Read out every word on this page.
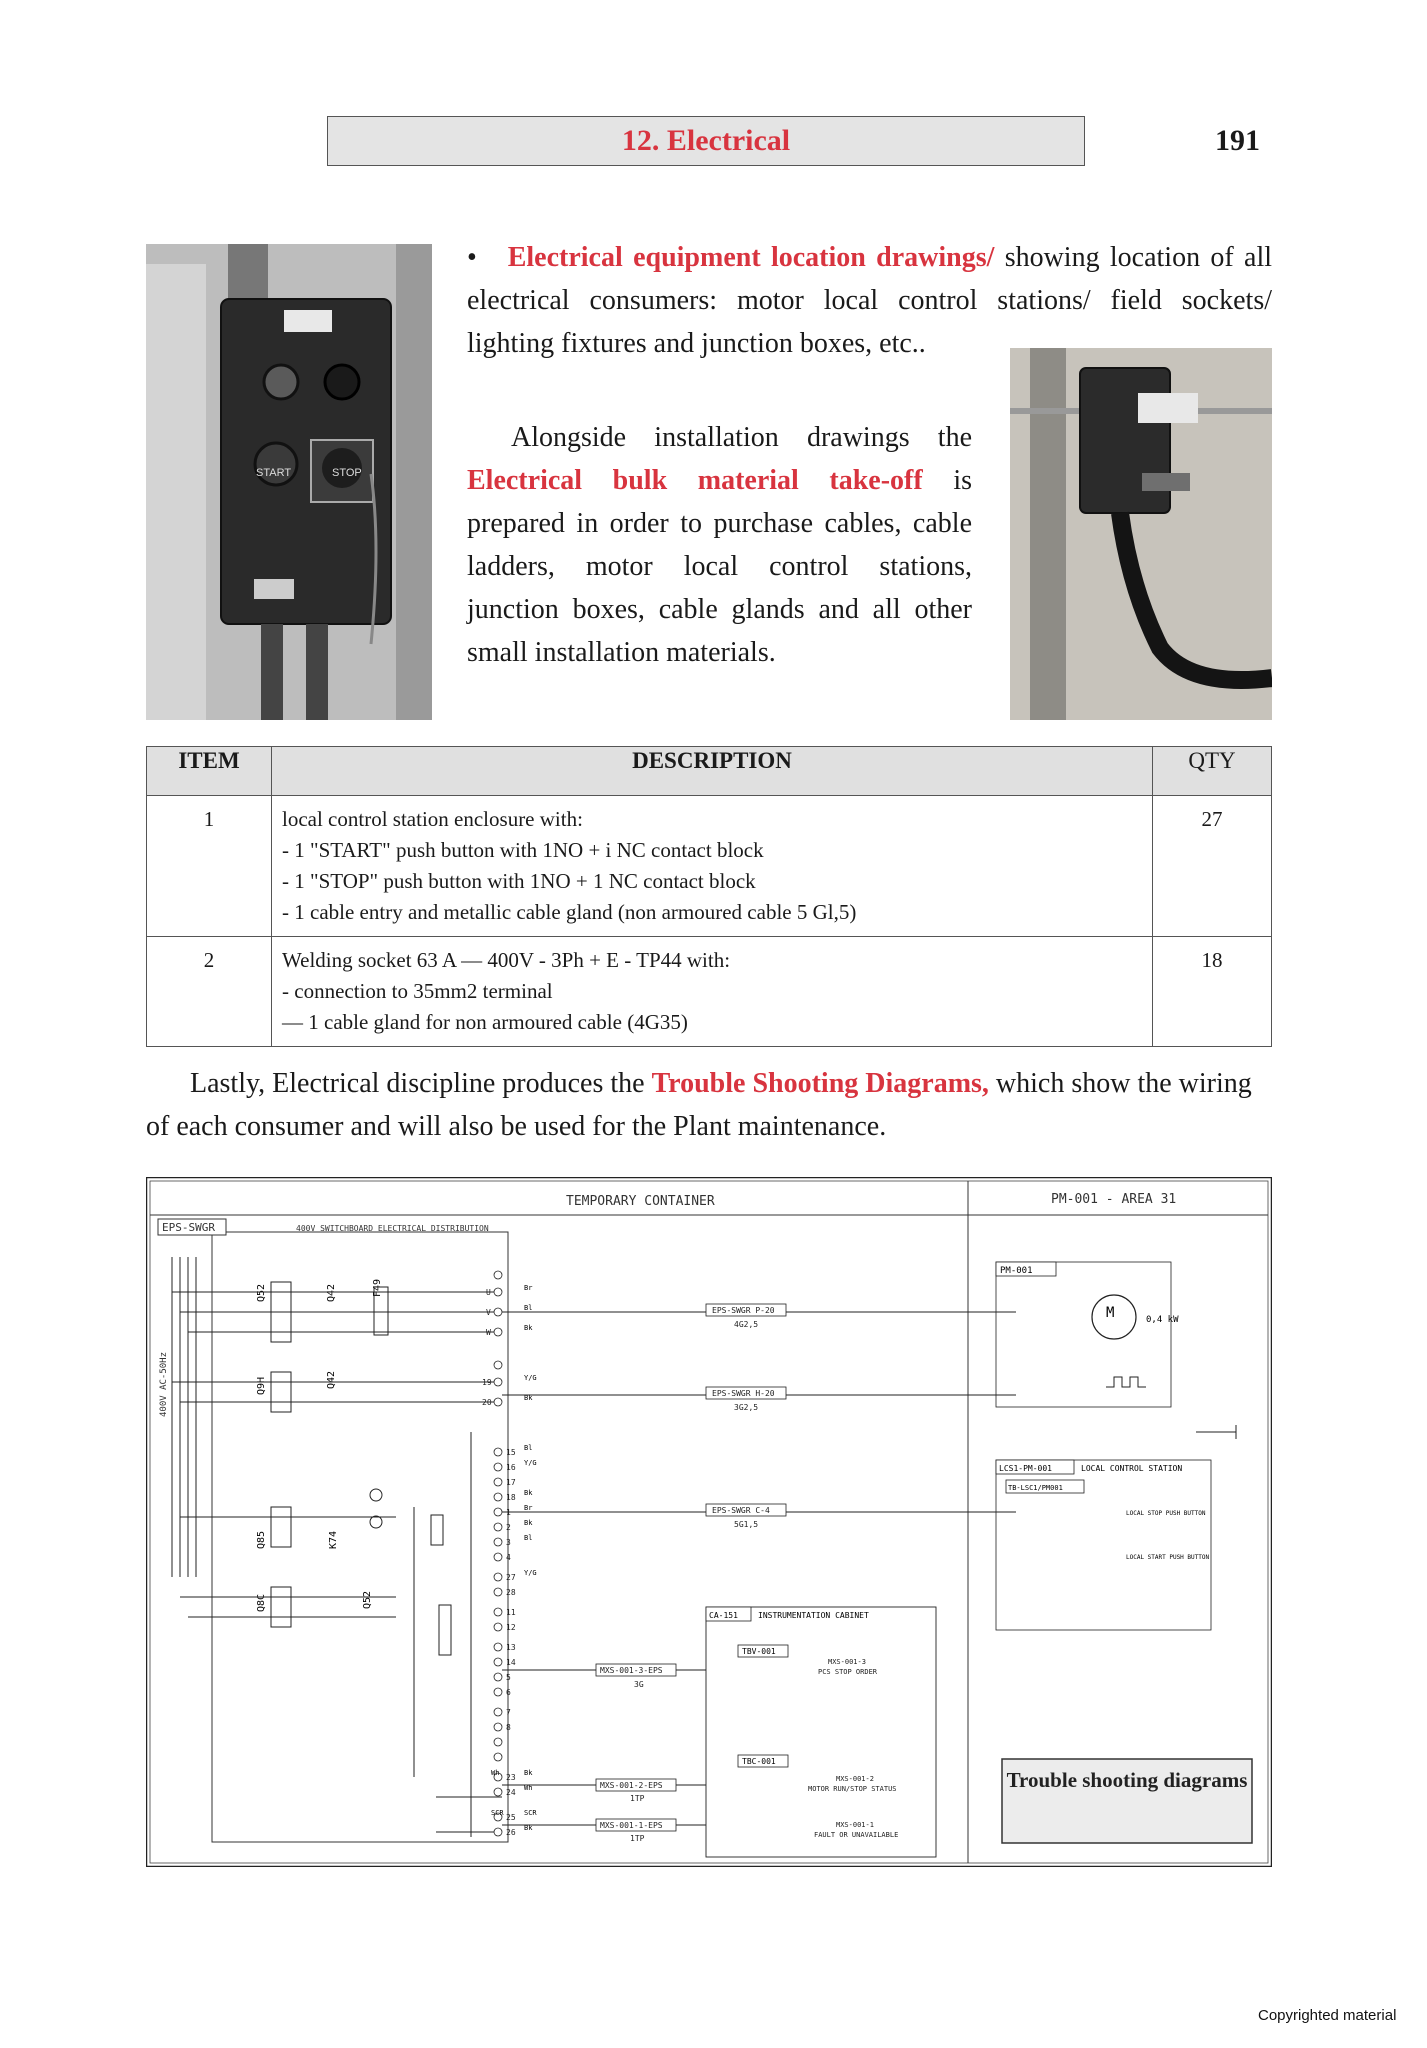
12. Electrical	191
START	STOP
• Electrical equipment location drawings/ showing location of all electrical consumers: motor local control stations/ field sockets/ lighting fixtures and junction boxes, etc..
Alongside installation drawings the Electrical bulk material take-off is prepared in order to purchase cables, cable ladders, motor local control stations, junction boxes, cable glands and all other small installation materials.
ITEM	DESCRIPTION	QTY
1	local control station enclosure with:
- 1 "START" push button with 1NO + i NC contact block
- 1 "STOP" push button with 1NO + 1 NC contact block
- 1 cable entry and metallic cable gland (non armoured cable 5 Gl,5)	27
2	Welding socket 63 A — 400V - 3Ph + E - TP44 with:
- connection to 35mm2 terminal
— 1 cable gland for non armoured cable (4G35)	18
Lastly, Electrical discipline produces the Trouble Shooting Diagrams, which show the wiring of each consumer and will also be used for the Plant maintenance.
TEMPORARY CONTAINER	PM-001 - AREA 31
EPS-SWGR	400V SWITCHBOARD ELECTRICAL DISTRIBUTION
400V AC-50Hz
Q52	Q42	F49
Q9H	Q42
Q85	K74
Q8C	Q52
U
V
W
19
20
15
16
17
18
1
2
3
4
27
28
11
12
13
14
5
6
7
8
23
24
25
26
EPS-SWGR P-20
4G2,5
EPS-SWGR H-20
3G2,5
EPS-SWGR C-4
5G1,5
MXS-001-3-EPS
3G
MXS-001-2-EPS
1TP
MXS-001-1-EPS
1TP
PM-001
M	0,4 kW
LCS1-PM-001	LOCAL CONTROL STATION
TB-LSC1/PM001
LOCAL STOP PUSH BUTTON
LOCAL START PUSH BUTTON
CA-151	INSTRUMENTATION CABINET
TBV-001
TBC-001
MXS-001-3
PCS STOP ORDER
MXS-001-2
MOTOR RUN/STOP STATUS
MXS-001-1
FAULT OR UNAVAILABLE
Trouble shooting diagrams
Br
Bl
Bk
Y/G
Bk
Bl
Y/G
Bk
Br
Bk
Bl
Y/G
Bk
Wh
SCR
Bk
Wh
SCR
Copyrighted material
